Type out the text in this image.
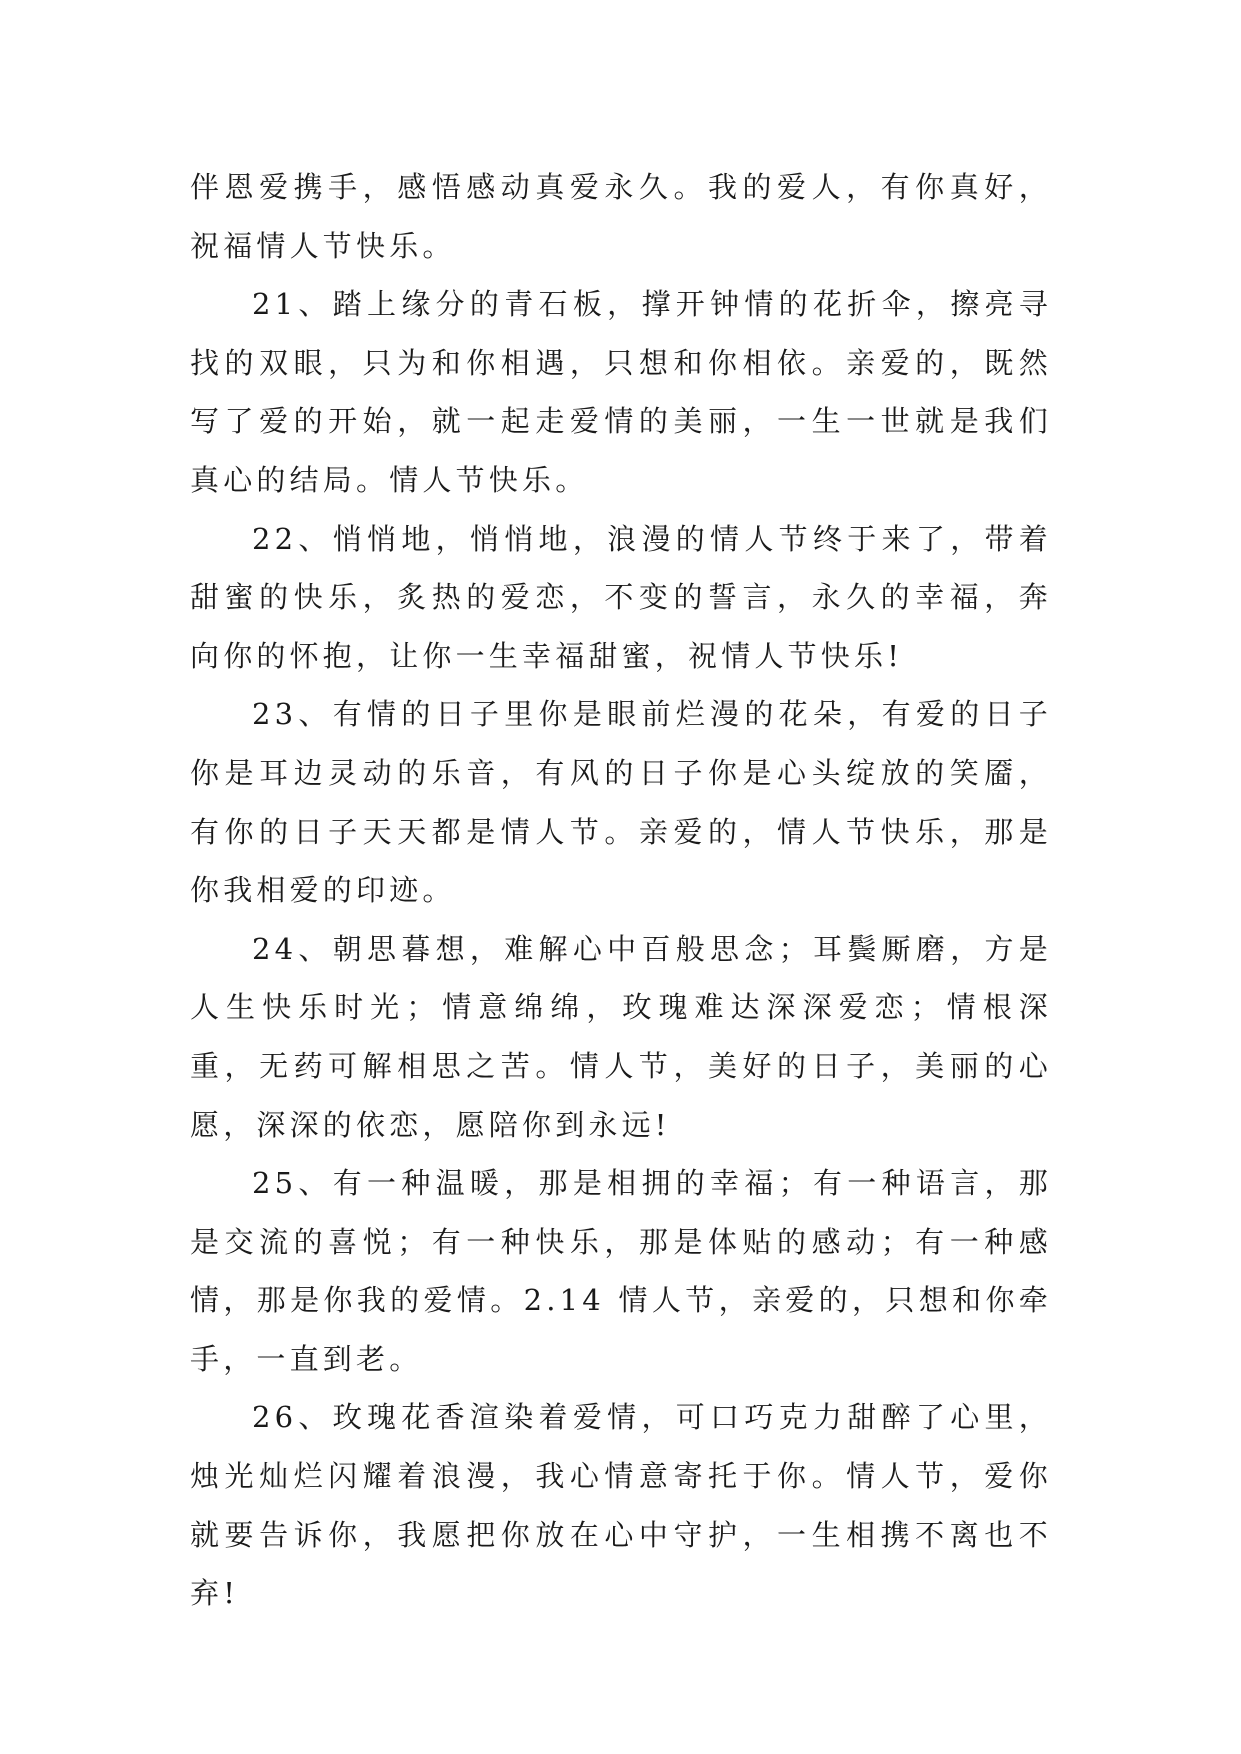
伴恩爱携手，感悟感动真爱永久。我的爱人，有你真好，祝福情人节快乐。

21、踏上缘分的青石板，撑开钟情的花折伞，擦亮寻找的双眼，只为和你相遇，只想和你相依。亲爱的，既然写了爱的开始，就一起走爱情的美丽，一生一世就是我们真心的结局。情人节快乐。

22、悄悄地，悄悄地，浪漫的情人节终于来了，带着甜蜜的快乐，炙热的爱恋，不变的誓言，永久的幸福，奔向你的怀抱，让你一生幸福甜蜜，祝情人节快乐!

23、有情的日子里你是眼前烂漫的花朵，有爱的日子你是耳边灵动的乐音，有风的日子你是心头绽放的笑靥，有你的日子天天都是情人节。亲爱的，情人节快乐，那是你我相爱的印迹。

24、朝思暮想，难解心中百般思念；耳鬓厮磨，方是人生快乐时光；情意绵绵，玫瑰难达深深爱恋；情根深重，无药可解相思之苦。情人节，美好的日子，美丽的心愿，深深的依恋，愿陪你到永远!

25、有一种温暖，那是相拥的幸福；有一种语言，那是交流的喜悦；有一种快乐，那是体贴的感动；有一种感情，那是你我的爱情。2.14 情人节，亲爱的，只想和你牵手，一直到老。

26、玫瑰花香渲染着爱情，可口巧克力甜醉了心里，烛光灿烂闪耀着浪漫，我心情意寄托于你。情人节，爱你就要告诉你，我愿把你放在心中守护，一生相携不离也不弃!
